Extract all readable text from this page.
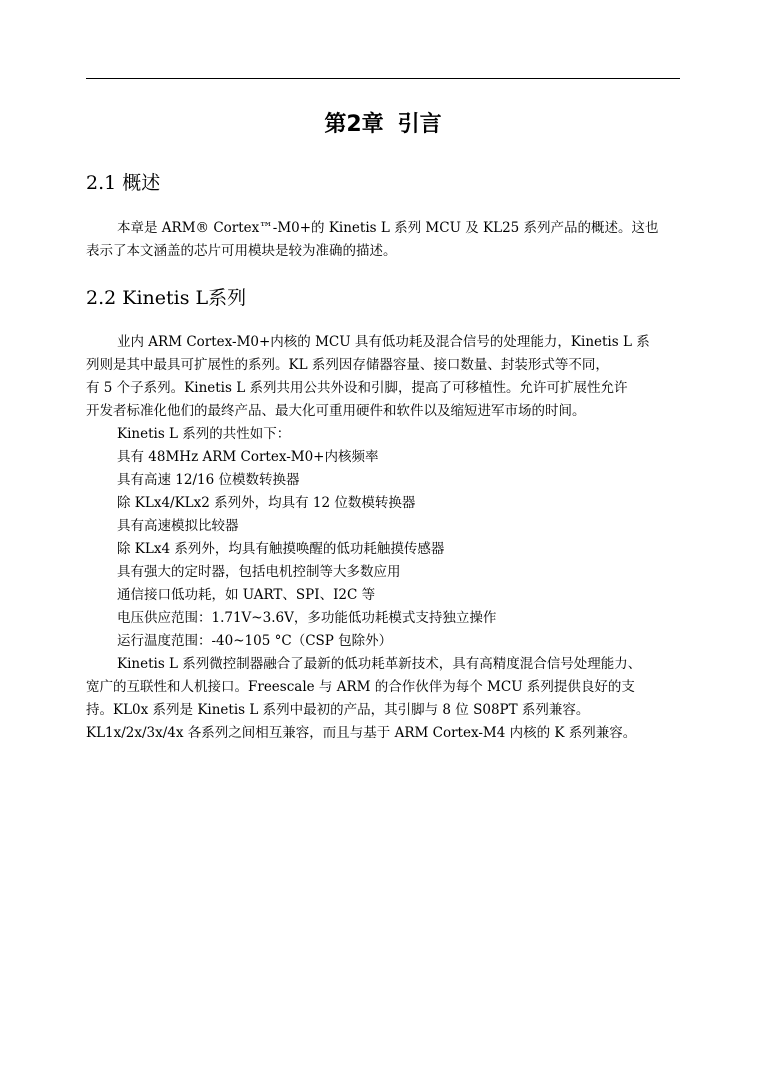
第2章 引言
2.1 概述
本章是 ARM® Cortex™-M0+的 Kinetis L 系列 MCU 及 KL25 系列产品的概述。这也
表示了本文涵盖的芯片可用模块是较为准确的描述。
2.2 Kinetis L系列
业内 ARM Cortex-M0+内核的 MCU 具有低功耗及混合信号的处理能力，Kinetis L 系
列则是其中最具可扩展性的系列。KL 系列因存储器容量、接口数量、封装形式等不同，
有 5 个子系列。Kinetis L 系列共用公共外设和引脚，提高了可移植性。允许可扩展性允许
开发者标准化他们的最终产品、最大化可重用硬件和软件以及缩短进军市场的时间。
Kinetis L 系列的共性如下：
具有 48MHz ARM Cortex-M0+内核频率
具有高速 12/16 位模数转换器
除 KLx4/KLx2 系列外，均具有 12 位数模转换器
具有高速模拟比较器
除 KLx4 系列外，均具有触摸唤醒的低功耗触摸传感器
具有强大的定时器，包括电机控制等大多数应用
通信接口低功耗，如 UART、SPI、I2C 等
电压供应范围：1.71V~3.6V，多功能低功耗模式支持独立操作
运行温度范围：-40~105 °C（CSP 包除外）
Kinetis L 系列微控制器融合了最新的低功耗革新技术，具有高精度混合信号处理能力、
宽广的互联性和人机接口。Freescale 与 ARM 的合作伙伴为每个 MCU 系列提供良好的支
持。KL0x 系列是 Kinetis L 系列中最初的产品，其引脚与 8 位 S08PT 系列兼容。
KL1x/2x/3x/4x 各系列之间相互兼容，而且与基于 ARM Cortex-M4 内核的 K 系列兼容。
